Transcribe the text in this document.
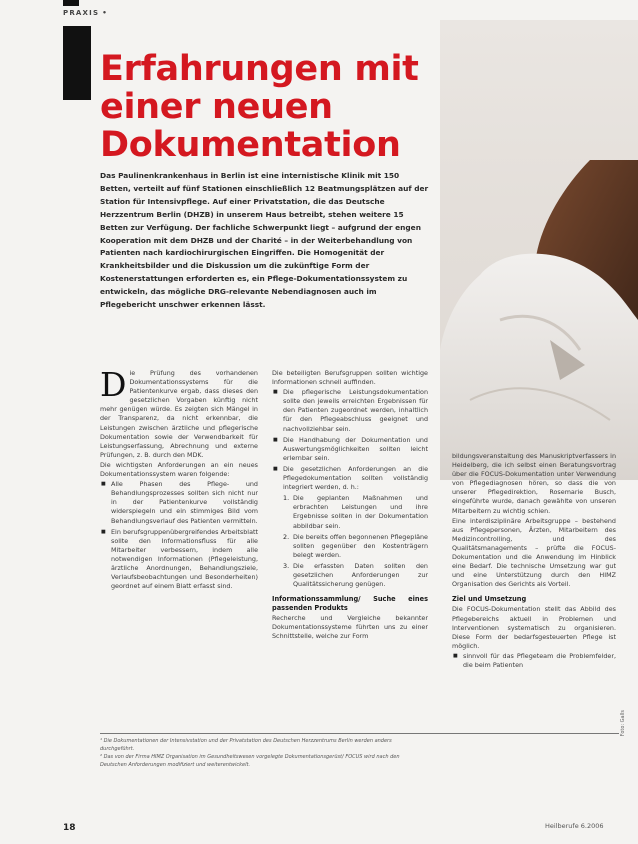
PRAXIS •
Erfahrungen mit
einer neuen
Dokumentation
Das Paulinenkrankenhaus in Berlin ist eine internistische Klinik mit 150 Betten, verteilt auf fünf Stationen einschließlich 12 Beatmungsplätzen auf der Station für Intensivpflege. Auf einer Privatstation, die das Deutsche Herzzentrum Berlin (DHZB) in unserem Haus betreibt, stehen weitere 15 Betten zur Verfügung. Der fachliche Schwerpunkt liegt – aufgrund der engen Kooperation mit dem DHZB und der Charité – in der Weiterbehandlung von Patienten nach kardiochirurgischen Eingriffen. Die Homogenität der Krankheitsbilder und die Diskussion um die zukünftige Form der Kostenerstattungen erforderten es, ein Pflege-Dokumentationssystem zu entwickeln, das mögliche DRG-relevante Nebendiagnosen auch im Pflegebericht unschwer erkennen lässt.

Die Prüfung des vorhandenen Dokumentationssystems für die Patientenkurve ergab, dass dieses den gesetzlichen Vorgaben künftig nicht mehr genügen würde. Es zeigten sich Mängel in der Transparenz, da nicht erkennbar, die Leistungen zwischen ärztliche und pflegerische Dokumentation sowie der Verwendbarkeit für Leistungserfassung, Abrechnung und externe Prüfungen, z. B. durch den MDK.

Die wichtigsten Anforderungen an ein neues Dokumentationssystem waren folgende:

■ Alle Phasen des Pflege- und Behandlungsprozesses sollten sich nicht nur in der Patientenkurve vollständig widerspiegeln und ein stimmiges Bild vom Behandlungsverlauf des Patienten vermitteln.
■ Ein berufsgruppenübergreifendes Arbeitsblatt sollte den Informationsfluss für alle Mitarbeiter verbessern, indem alle notwendigen Informationen (Pflegeleistung, ärztliche Anordnungen, Behandlungsziele, Verlaufsbeobachtungen und Besonderheiten) geordnet auf einem Blatt erfasst sind.

Die beteiligten Berufsgruppen sollten wichtige Informationen schnell auffinden.

■ Die pflegerische Leistungsdokumentation sollte den jeweils erreichten Ergebnissen für den Patienten zugeordnet werden, inhaltlich für den Pflegeabschluss geeignet und nachvollziehbar sein.
■ Die Handhabung der Dokumentation und Auswertungsmöglichkeiten sollten leicht erlernbar sein.
■ Die gesetzlichen Anforderungen an die Pflegedokumentation sollten vollständig integriert werden, d. h.:
1. Die geplanten Maßnahmen und erbrachten Leistungen und ihre Ergebnisse sollten in der Dokumentation abbildbar sein.
2. Die bereits offen begonnenen Pflegepläne sollten gegenüber den Kostenträgern belegt werden.
3. Die erfassten Daten sollten den gesetzlichen Anforderungen zur Qualitätssicherung genügen.
Informationssammlung/ Suche eines passenden Produkts

Recherche und Vergleiche bekannter Dokumentationssysteme führten uns zu einer Schnittstelle, welche zur Form

bildungsveranstaltung des Manuskriptverfassers in Heidelberg, die ich selbst einen Beratungsvortrag über die FOCUS-Dokumentation unter Verwendung von Pflegediagnosen hören, so dass die von unserer Pflegedirektion, Rosemarie Busch, eingeführte wurde, danach gewählte von unseren Mitarbeitern zu wichtig schien.

Eine interdisziplinäre Arbeitsgruppe – bestehend aus Pflegepersonen, Ärzten, Mitarbeitern des Medizincontrolling, und des Qualitätsmanagements – prüfte die FOCUS-Dokumentation und die Anwendung im Hinblick eine Bedarf. Die technische Umsetzung war gut und eine Unterstützung durch den HIMZ Organisation des Gerichts als Vorteil.

Ziel und Umsetzung

Die FOCUS-Dokumentation stellt das Abbild des Pflegebereichs aktuell in Problemen und Interventionen systematisch zu organisieren. Diese Form der bedarfsgesteuerten Pflege ist möglich.

■ sinnvoll für das Pflegeteam die Problemfelder, die beim Patienten

¹ Die Dokumentationen der Intensivstation und der Privatstation des Deutschen Herzzentrums Berlin werden anders durchgeführt.

² Das von der Firma HIMZ Organisation im Gesundheitswesen vorgelegte Dokumentationsgerüst/ FOCUS wird nach den Deutschen Anforderungen modifiziert und weiterentwickelt.

Foto: Galls
18	Heilberufe 6.2006
